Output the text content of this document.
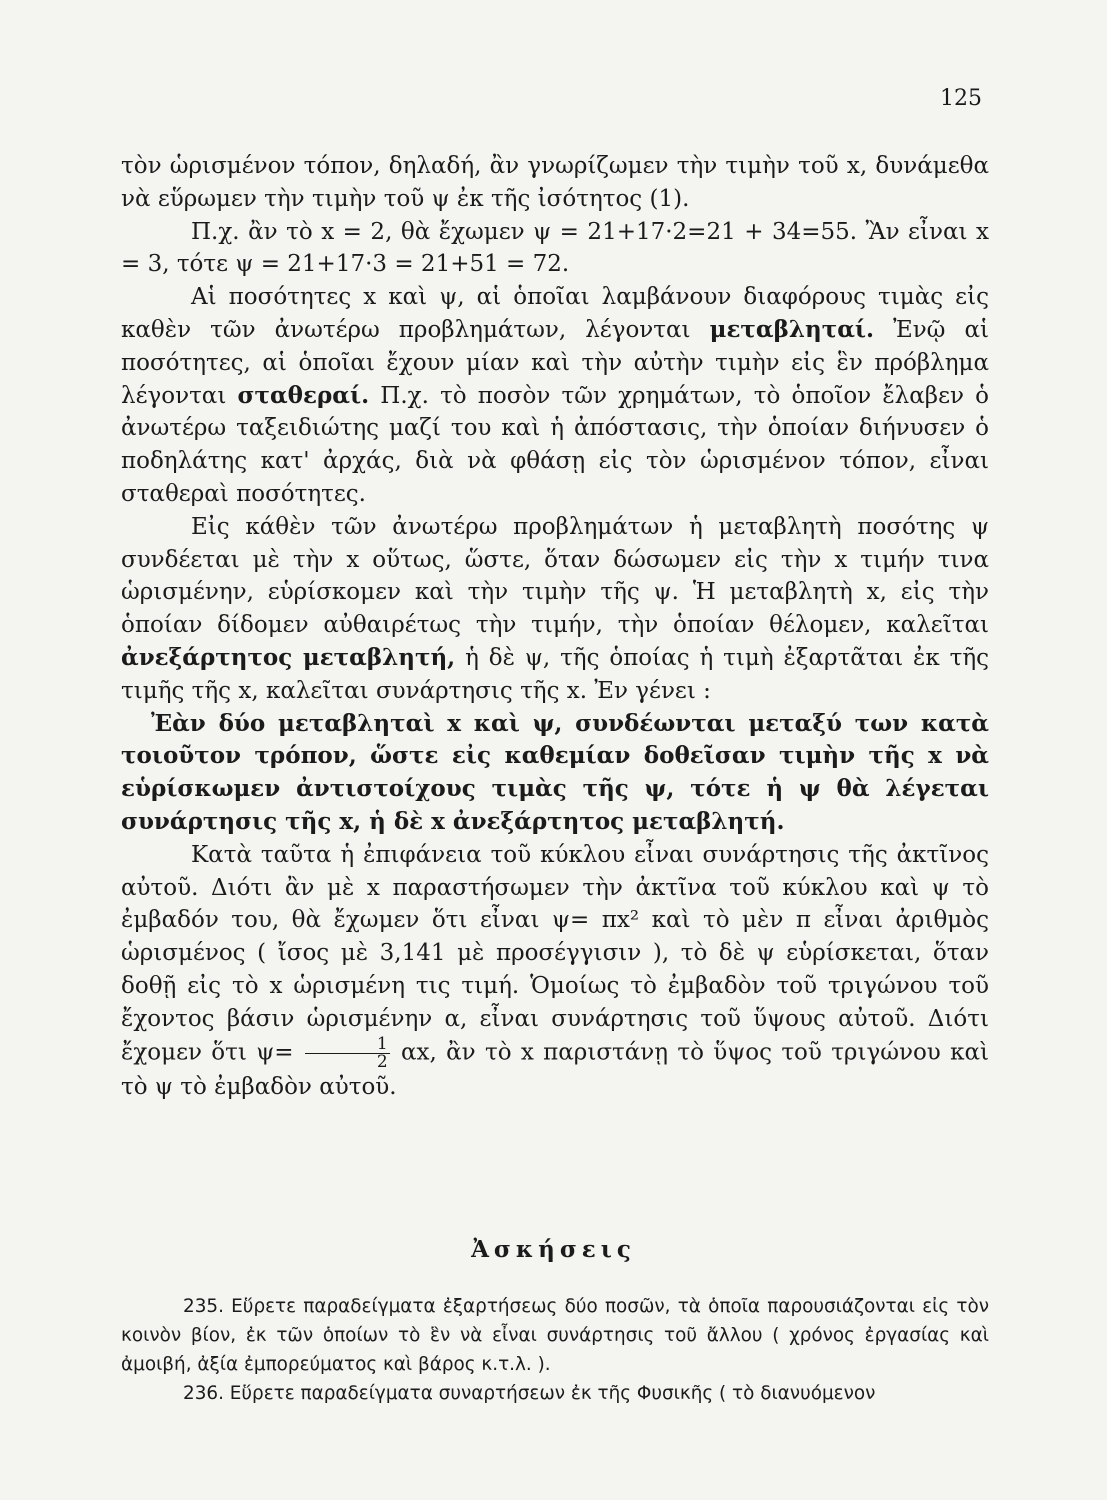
125

τὸν ὡρισμένον τόπον, δηλαδή, ἂν γνωρίζωμεν τὴν τιμὴν τοῦ x, δυνάμεθα νὰ εὕρωμεν τὴν τιμὴν τοῦ ψ ἐκ τῆς ἰσότητος (1).

Π.χ. ἂν τὸ x = 2, θὰ ἔχωμεν ψ = 21+17·2=21 + 34=55. Ἂν εἶναι x = 3, τότε ψ = 21+17·3 = 21+51 = 72.

Αἱ ποσότητες x καὶ ψ, αἱ ὁποῖαι λαμβάνουν διαφόρους τιμὰς εἰς καθὲν τῶν ἀνωτέρω προβλημάτων, λέγονται μεταβληταί. Ἐνῷ αἱ ποσότητες, αἱ ὁποῖαι ἔχουν μίαν καὶ τὴν αὐτὴν τιμὴν εἰς ἓν πρόβλημα λέγονται σταθεραί. Π.χ. τὸ ποσὸν τῶν χρημάτων, τὸ ὁποῖον ἔλαβεν ὁ ἀνωτέρω ταξειδιώτης μαζί του καὶ ἡ ἀπόστασις, τὴν ὁποίαν διήνυσεν ὁ ποδηλάτης κατ' ἀρχάς, διὰ νὰ φθάσῃ εἰς τὸν ὡρισμένον τόπον, εἶναι σταθεραὶ ποσότητες.

Εἰς κάθὲν τῶν ἀνωτέρω προβλημάτων ἡ μεταβλητὴ ποσότης ψ συνδέεται μὲ τὴν x οὕτως, ὥστε, ὅταν δώσωμεν εἰς τὴν x τιμήν τινα ὡρισμένην, εὑρίσκομεν καὶ τὴν τιμὴν τῆς ψ. Ἡ μεταβλητὴ x, εἰς τὴν ὁποίαν δίδομεν αὐθαιρέτως τὴν τιμήν, τὴν ὁποίαν θέλομεν, καλεῖται ἀνεξάρτητος μεταβλητή, ἡ δὲ ψ, τῆς ὁποίας ἡ τιμὴ ἐξαρτᾶται ἐκ τῆς τιμῆς τῆς x, καλεῖται συνάρτησις τῆς x. Ἐν γένει :

Ἐὰν δύο μεταβληταὶ x καὶ ψ, συνδέωνται μεταξύ των κατὰ τοιοῦτον τρόπον, ὥστε εἰς καθεμίαν δοθεῖσαν τιμὴν τῆς x νὰ εὑρίσκωμεν ἀντιστοίχους τιμὰς τῆς ψ, τότε ἡ ψ θὰ λέγεται συνάρτησις τῆς x, ἡ δὲ x ἀνεξάρτητος μεταβλητή.

Κατὰ ταῦτα ἡ ἐπιφάνεια τοῦ κύκλου εἶναι συνάρτησις τῆς ἀκτῖνος αὐτοῦ. Διότι ἂν μὲ x παραστήσωμεν τὴν ἀκτῖνα τοῦ κύκλου καὶ ψ τὸ ἐμβαδόν του, θὰ ἔχωμεν ὅτι εἶναι ψ= πx² καὶ τὸ μὲν π εἶναι ἀριθμὸς ὡρισμένος ( ἴσος μὲ 3,141 μὲ προσέγγισιν ), τὸ δὲ ψ εὑρίσκεται, ὅταν δοθῇ εἰς τὸ x ὡρισμένη τις τιμή. Ὁμοίως τὸ ἐμβαδὸν τοῦ τριγώνου τοῦ ἔχοντος βάσιν ὡρισμένην α, εἶναι συνάρτησις τοῦ ὕψους αὐτοῦ. Διότι ἔχομεν ὅτι $\psi= \frac{1}{2} \alpha x$, ἂν τὸ x παριστάνῃ τὸ ὕψος τοῦ τριγώνου καὶ τὸ ψ τὸ ἐμβαδὸν αὐτοῦ.

Ἀσκήσεις

235. Εὕρετε παραδείγματα ἐξαρτήσεως δύο ποσῶν, τὰ ὁποῖα παρουσιάζονται εἰς τὸν κοινὸν βίον, ἐκ τῶν ὁποίων τὸ ἓν νὰ εἶναι συνάρτησις τοῦ ἄλλου ( χρόνος ἐργασίας καὶ ἀμοιβή, ἀξία ἐμπορεύματος καὶ βάρος κ.τ.λ. ).

236. Εὕρετε παραδείγματα συναρτήσεων ἐκ τῆς Φυσικῆς ( τὸ διανυόμενον
